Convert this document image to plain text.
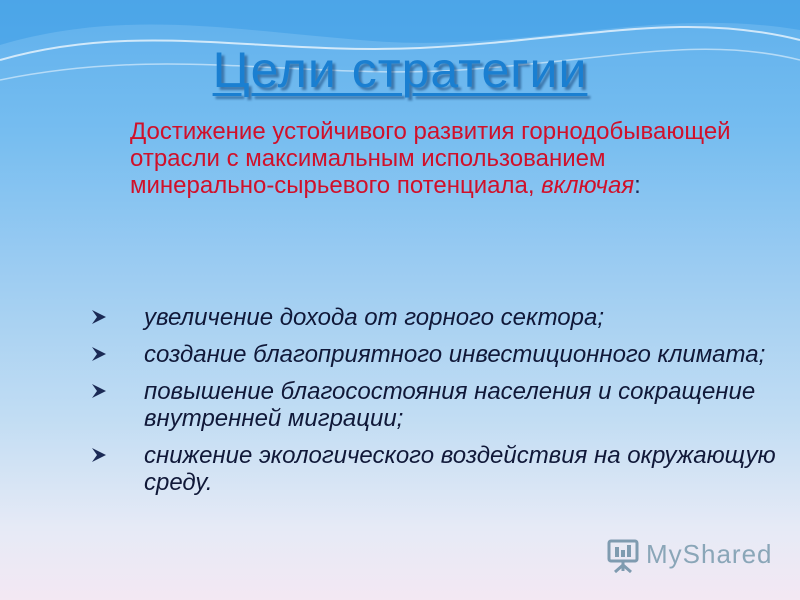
Цели стратегии

Достижение устойчивого развития горнодобывающей отрасли с максимальным использованием минерально-сырьевого потенциала, включая:

увеличение дохода от горного сектора;
создание благоприятного инвестиционного климата;
повышение благосостояния населения и сокращение внутренней миграции;
снижение экологического воздействия на окружающую среду.
MyShared
